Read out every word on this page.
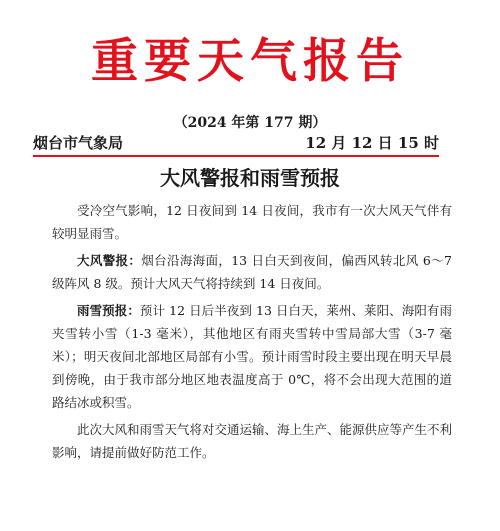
重要天气报告
（2024 年第 177 期）
烟台市气象局	12 月 12 日 15 时
大风警报和雨雪预报

受冷空气影响，12 日夜间到 14 日夜间，我市有一次大风天气伴有较明显雨雪。

大风警报：烟台沿海海面，13 日白天到夜间，偏西风转北风 6～7 级阵风 8 级。预计大风天气将持续到 14 日夜间。

雨雪预报：预计 12 日后半夜到 13 日白天，莱州、莱阳、海阳有雨夹雪转小雪（1-3 毫米），其他地区有雨夹雪转中雪局部大雪（3-7 毫米）；明天夜间北部地区局部有小雪。预计雨雪时段主要出现在明天早晨到傍晚，由于我市部分地区地表温度高于 0℃，将不会出现大范围的道路结冰或积雪。

此次大风和雨雪天气将对交通运输、海上生产、能源供应等产生不利影响，请提前做好防范工作。
